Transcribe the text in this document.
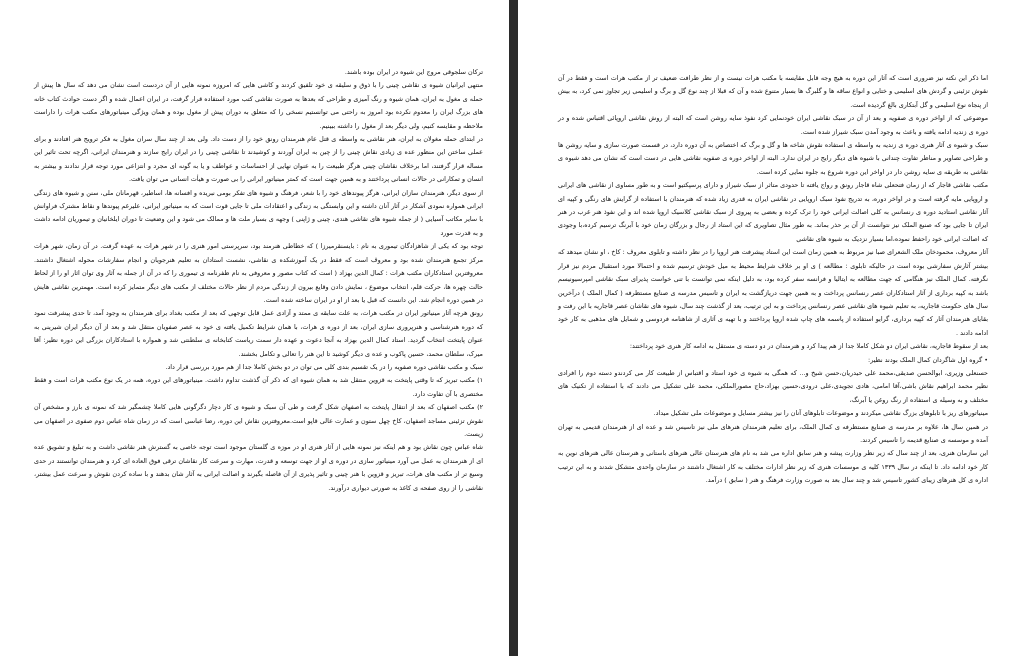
ترکان سلجوقی مروج این شیوه در ایران بوده باشند.

منتهی ایرانیان شیوه ی نقاشی چینی را با ذوق و سلیقه ی خود تلفیق کردند و کاشی هایی که امروزه نمونه هایی از آن دردست است نشان می دهد که سال ها پیش از حمله ی مغول به ایران، همان شیوه و رنگ آمیزی و طراحی که بعدها به صورت نقاشی کتب مورد استفاده قرار گرفت، در ایران اعمال شده و اگر دست حوادث کتاب خانه های بزرگ ایران را معدوم نکرده بود امروز به راحتی می توانستیم نسخی را که متعلق به دوران پیش از مغول بوده و همان ویژگی مینیاتورهای مکتب هرات را داراست ملاحظه و مقایسه کنیم، ولی دیگر بعد از مغول را داشته ببینیم.

در ابتدای حمله مغولان به ایران، هنر نقاشی به واسطه ی قتل عام هنرمندان رونق خود را از دست داد. ولی بعد از چند سال سران مغول به فکر ترویج هنر افتادند و برای عملی ساختن این منظور عده ی زیادی نقاش چینی را از چین به ایران آوردند و کوشیدند تا نقاشی چینی را در ایران رایج سازند و هنرمندان ایرانی، اگرچه تحت تاثیر این مساله قرار گرفتند، اما برخلاف نقاشان چینی هرگز طبیعت را به عنوان نهایی از احساسات و عواطف و یا به گونه ای مجرد و انتزاعی مورد توجه قرار ندادند و بیشتر به انسان و تمکارانی در حالات انسانی پرداختند و به همین جهت است که کمتر مینیاتور ایرانی را بی صورت و هیأت انسانی می توان یافت.

از سوی دیگر، هنرمندان سازان ایرانی، هرگز پیوندهای خود را با شعر، فرهنگ و شیوه های تفکر بومی نبریده و افسانه ها، اساطیر، قهرمانان ملی، سنن و شیوه های زندگی ایرانی همواره نمودی آشکار در آثار آنان داشته و این وابستگی به زندگی و اعتقادات ملی تا جایی قوت است که به مینیاتور ایرانی، علیرغم پیوندها و نقاط مشترک فراوانش با سایر مکاتب آسیایی ( از جمله شیوه های نقاشی هندی، چینی و ژاپنی ) وجهه ی بسیار ملت ها و ممالک می شود و این وضعیت تا دوران ایلخانیان و تیموریان ادامه داشت و به قدرت مورد

توجه بود که یکی از شاهزادگان تیموری به نام : بایسنقرمیرزا ) که خطاطی هنرمند بود، سرپرستی امور هنری را در شهر هرات به عهده گرفت. در آن زمان، شهر هرات مرکز تجمع هنرمندان شده بود و معروف است که فقط در یک آموزشکده ی نقاشی، نشست استادان به تعلیم هنرجویان و انجام سفارشات محوله اشتغال داشتند. معروفترین استادکاران مکتب هرات : کمال الدین بهزاد ( است که کتاب مصور و معروفی به نام ظفرنامه ی تیموری را که در آن از جمله به آثار وی توان اثار او را از لحاظ حالت چهره ها، حرکت قلم، انتخاب موضوع ، نمایش دادن وقایع بیرون از زندگی مردم از نظر حالات مختلف از مکتب های دیگر متمایز کرده است. مهمترین نقاشی هایش در همین دوره انجام شد. این دانست که قبل یا بعد از او در ایران ساخته شده است.

رونق هرچه آثار مینیاتور ایران در مکتب هرات، به علت سابقه ی ممتد و آزادی عمل قابل توجهی که بعد از مکتب بغداد برای هنرمندان به وجود آمد، تا حدی پیشرفت نمود که دوره هنرشناسی و هنرپروری سازی ایران، بعد از دوره ی هرات، با همان شرایط تکمیل یافته ی خود به عصر صفویان منتقل شد و بعد از آن دیگر ایران شیرینی به عنوان پایتخت انتخاب گردید. استاد کمال الدین بهزاد به آنجا دعوت و عهده دار سمت ریاست کتابخانه ی سلطنتی شد و همواره با استادکاران بزرگی این دوره نظیر: آقا میرک، سلطان محمد، حسین پاکوب و عده ی دیگر کوشید تا این هنر را تعالی و تکامل بخشند.

سبک و مکتب نقاشی دوره صفویه را در یک تقسیم بندی کلی می توان در دو بخش کاملا جدا از هم مورد بررسی قرار داد.

۱) مکتب تبریز که تا وقتی پایتخت به قزوین منتقل شد به همان شیوه ای که ذکر آن گذشت تداوم داشت. مینیاتورهای این دوره، همه در یک نوع مکتب هرات است و فقط مختصری با آن تفاوت دارد.

۲) مکتب اصفهان که بعد از انتقال پایتخت به اصفهان شکل گرفت و طی آن سبک و شیوه ی کار دچار دگرگونی هایی کاملا چشمگیر شد که نمونه ی بارز و مشخص آن نقوش تزئینی مساجد اصفهان، کاخ چهل ستون و عمارت عالی قاپو است.معروفترین نقاش این دوره، رضا عباسی است که در زمان شاه عباس دوم صفوی در اصفهان می زیست.

شاه عباس چون نقاش بود و هم اینکه نیز نمونه هایی از آثار هنری او در موزه ی گلستان موجود است توجه خاصی به گسترش هنر نقاشی داشت و به تبلیغ و تشویق عده ای از هنرمندان به عمل می آورد مینیاتور سازی در دوره ی او از جهت توسعه و قدرت، مهارت و سرعت کار نقاشان ترقی فوق العاده ای کرد و هنرمندان توانستند در حدی وسیع تر از مکتب های هرات، تبریز و قزوین با هنر چینی و تاثیر پذیری از آن فاصله بگیرند و اصالت ایرانی به آثار شان بدهند و با ساده کردن نقوش و سرعت عمل بیشتر، نقاشی را از روی صفحه ی کاغذ به صورتی دیواری درآورند.

اما ذکر این نکته نیز ضروری است که آثار این دوره به هیچ وجه قابل مقایسه با مکتب هرات نیست و از نظر ظرافت ضعیف تر از مکتب هرات است و فقط در آن نقوش تزئینی و گردش های اسلیمی و ختایی و انواع ساقه ها و گلبرگ ها بسیار متنوع شده و آن که قبلا از چند نوع گل و برگ و اسلیمی زیر تجاوز نمی کرد، به بیش از پنجاه نوع اسلیمی و گل آبتکاری بالغ گردیده است.

موضوعی که از اواخر دوره ی صفویه و بعد از آن در سبک نقاشی ایران خودنمایی کرد نفوذ سایه روشن است که البته از روش نقاشی اروپائی اقتباس شده و در دوره ی زندیه ادامه یافته و باعث به وجود آمدن سبک شیراز شده است.

سبک و شیوه ی آثار هنری دوره ی زندیه به واسطه ی استفاده نقوش شاخه ها و گل و برگ که اختصاص به آن دوره دارد، در قسمت صورت سازی و سایه روشن ها و طراحی تصاویر و مناظر تفاوت چندانی با شیوه های دیگر رایج در ایران ندارد. البته از اواخر دوره ی صفویه نقاشی هایی در دست است که نشان می دهد شیوه ی نقاشی به طریقه ی سایه روشن دار در اواخر این دوره شروع به جلوه نمایی کرده است.

مکتب نقاشی قاجار که از زمان فتحعلی شاه قاجار رونق و رواج یافته تا حدودی متاثر از سبک شیراز و دارای پرسپکتیو است و به طور مساوی از نقاشی های ایرانی و اروپایی مایه گرفته است و در اواخر دوره، به تدریج نفوذ سبک اروپایی در نقاشی ایران به قدری زیاد شده که هنرمندان با استفاده از گرایش های رنگی و کپیه ای آثار نقاشی استادید دوره ی رنسانس به کلی اصالت ایرانی خود را ترک کرده و بعضی به پیروی از سبک نقاشی کلاسیک اروپا شده اند و این نفوذ هنر غرب در هنر ایران تا جایی بود که صنیع الملک نیز نتوانست از آن بر حذر بماند. به طور مثال تصاویری که این استاد از رجال و بزرگان زمان خود با آبرنگ ترسیم کرده،با وجودی که اصالت ایرانی خود راحفظ نموده،اما بسیار نزدیک به شیوه های نقاشی

آثار معروف، محمودخان ملک الشعرای صبا نیز مربوط به همین زمان است این استاد پیشرفت هنر اروپا را در نظر داشته و تابلوی معروف : کاخ ، او نشان میدهد که بیشتر آثارش سفارشی بوده است در حالیکه تابلوی : مطالعه ) ی او بر خلاف شرایط محیط به میل خودش ترسیم شده و احتمالا مورد استقبال مردم نیز قرار نگرفته. کمال الملک نیز هنگامی که جهت مطالعه به ایتالیا و فرانسه سفر کرده بود، به دلیل اینکه نمی توانست با تنی خواست پذیرای سبک نقاشی امپرسیونیسم باشد به کپیه برداری از آثار استادکاران عصر رنسانس پرداخت و به همین جهت دریازگشت به ایران و تاسیس مدرسه ی صنایع مستظرفه ( کمال الملک ) درآخرین سال های حکومت قاجاریه، به تعلیم شیوه های نقاشی عصر رنسانس پرداخت و به این ترتیب، بعد از گذشت چند سال، شیوه های نقاشان عصر قاجاریه با این رفت و بقایای هنرمندان آثار که کپیه برداری، گرایو استفاده از پاسمه های چاپ شده اروپا پرداختند و با تهیه ی آثاری از شاهنامه فردوسی و شمایل های مذهبی به کار خود ادامه دادند .

بعد از سقوط قاجاریه، نقاشی ایران دو شکل کاملا جدا از هم پیدا کرد و هنرمندان در دو دسته ی مستقل به ادامه کار هنری خود پرداختند:

• گروه اول شاگردان کمال الملک بودند نظیر:

حسنعلی وزیری، ابوالحسن صدیقی،محمد علی حیدریان،حسن شیخ و... که همگی به شیوه ی خود استاد و اقتباس از طبیعت کار می کردندو دسته دوم را افرادی نظیر محمد ابراهیم نقاش باشی،آقا امامی، هادی تجویدی،علی درودی،حسین بهزاد،حاج مصورالملکی، محمد علی تشکیل می دادند که با استفاده از تکنیک های مختلف و به وسیله ی استفاده از رنگ روغن یا آبرنگ،

مینیاتورهای ریز با تابلوهای بزرگ نقاشی میکردند و موضوعات تابلوهای آنان را نیز بیشتر مسایل و موضوعات ملی تشکیل میداد.

در همین سال ها، علاوه بر مدرسه ی صنایع مستظرفه ی کمال الملک، برای تعلیم هنرمندان هنرهای ملی نیز تاسیس شد و عده ای از هنرمندان قدیمی به تهران آمده و موسسه ی صنایع قدیمه را تاسیس کردند.

این سازمان هنری، بعد از چند سال که زیر نظر وزارت پیشه و هنر سابق اداره می شد به نام های هنرستان عالی هنرهای باستانی و هنرستان عالی هنرهای نوین به کار خود ادامه داد. تا اینکه در سال ۱۳۳۹ کلیه ی موسسات هنری که زیر نظر ادارات مختلف به کار اشتغال داشتند در سازمان واحدی متشکل شدند و به این ترتیب اداره ی کل هنرهای زیبای کشور تاسیس شد و چند سال بعد به صورت وزارت فرهنگ و هنر ( سابق ) درآمد.
